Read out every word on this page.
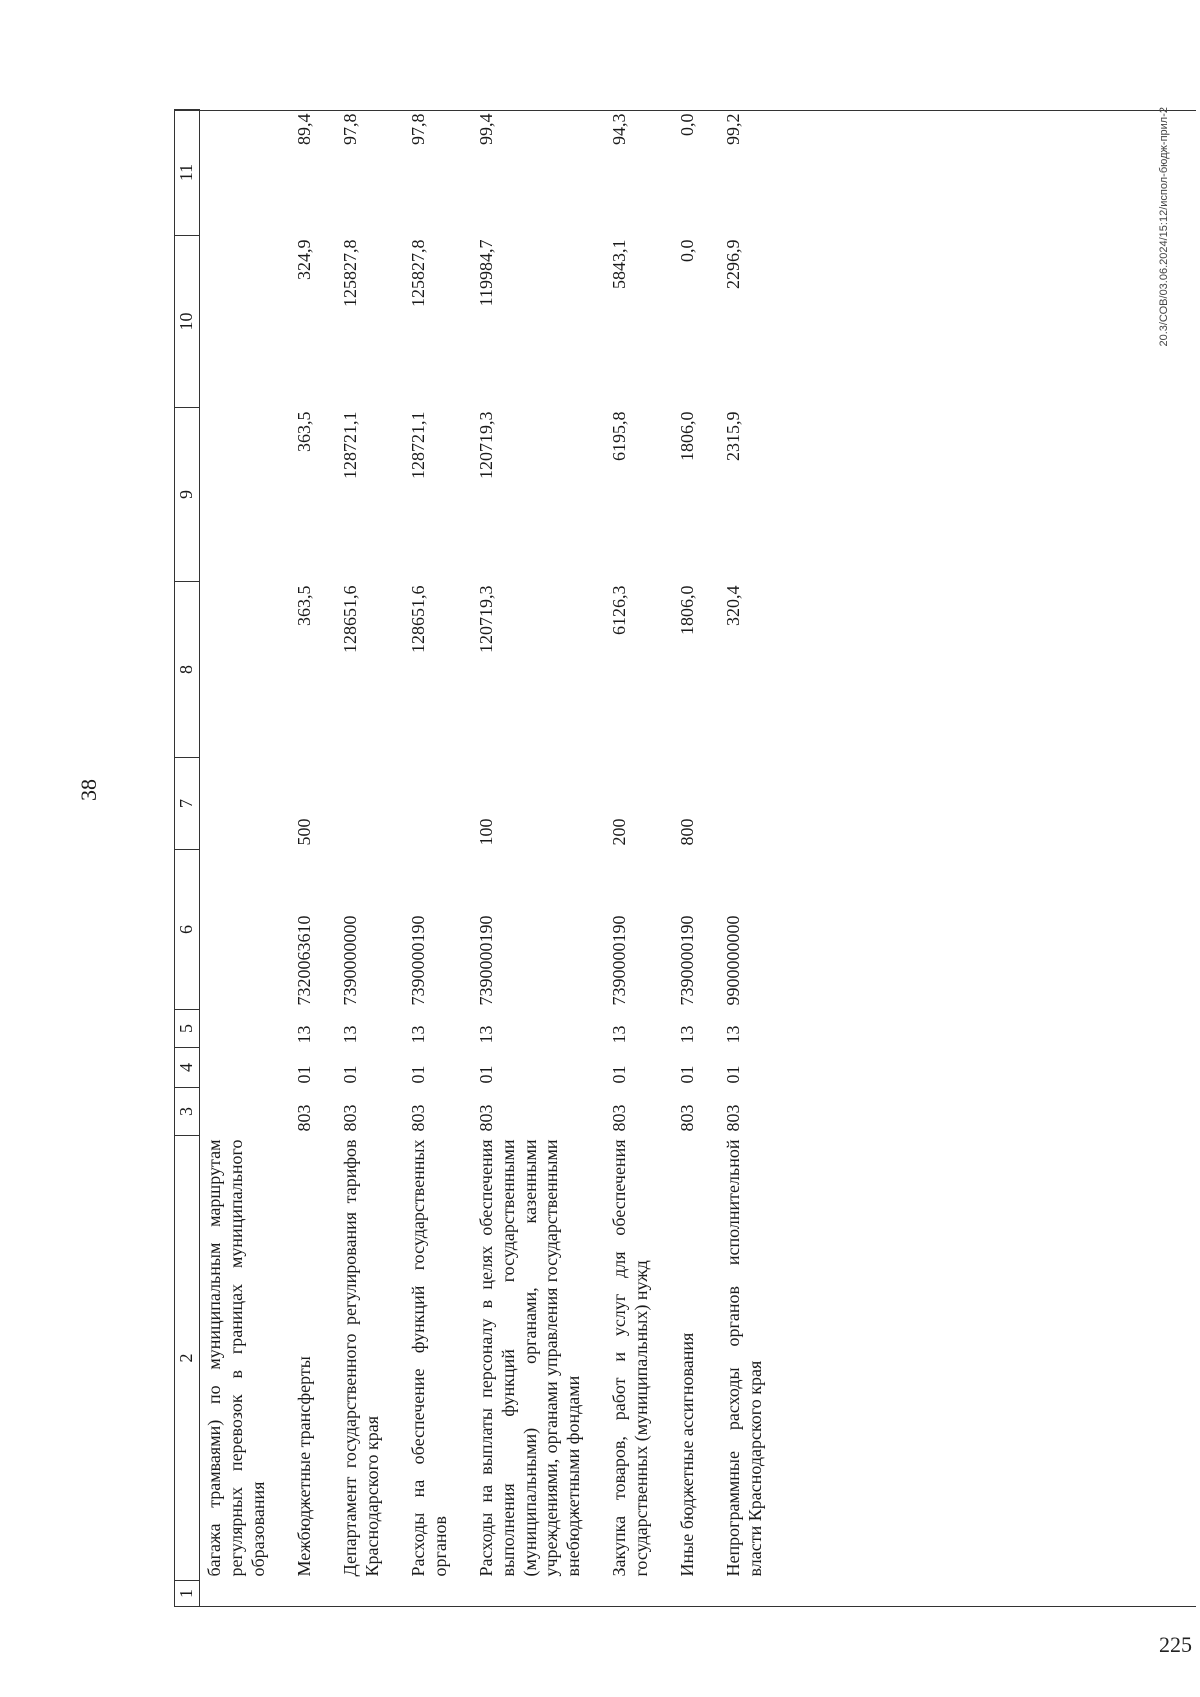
38
1	2	3	4	5	6	7	8	9	10	11
	багажа трамваями) по муниципальным маршрутам регулярных перевозок в границах муниципального образования									
	Межбюджетные трансферты	803	01	13	7320063610	500	363,5	363,5	324,9	89,4
	Департамент государственного регулирования тарифов Краснодарского края	803	01	13	7390000000		128651,6	128721,1	125827,8	97,8
	Расходы на обеспечение функций государственных органов	803	01	13	7390000190		128651,6	128721,1	125827,8	97,8
	Расходы на выплаты персоналу в целях обеспечения выполнения функций государственными (муниципальными) органами, казенными учреждениями, органами управления государственными внебюджетными фондами	803	01	13	7390000190	100	120719,3	120719,3	119984,7	99,4
	Закупка товаров, работ и услуг для обеспечения государственных (муниципальных) нужд	803	01	13	7390000190	200	6126,3	6195,8	5843,1	94,3
	Иные бюджетные ассигнования	803	01	13	7390000190	800	1806,0	1806,0	0,0	0,0
	Непрограммные расходы органов исполнительной власти Краснодарского края	803	01	13	9900000000		320,4	2315,9	2296,9	99,2	20.3/СОВ/03.06.2024/15:12/испол-бюдж-прил-2
225
